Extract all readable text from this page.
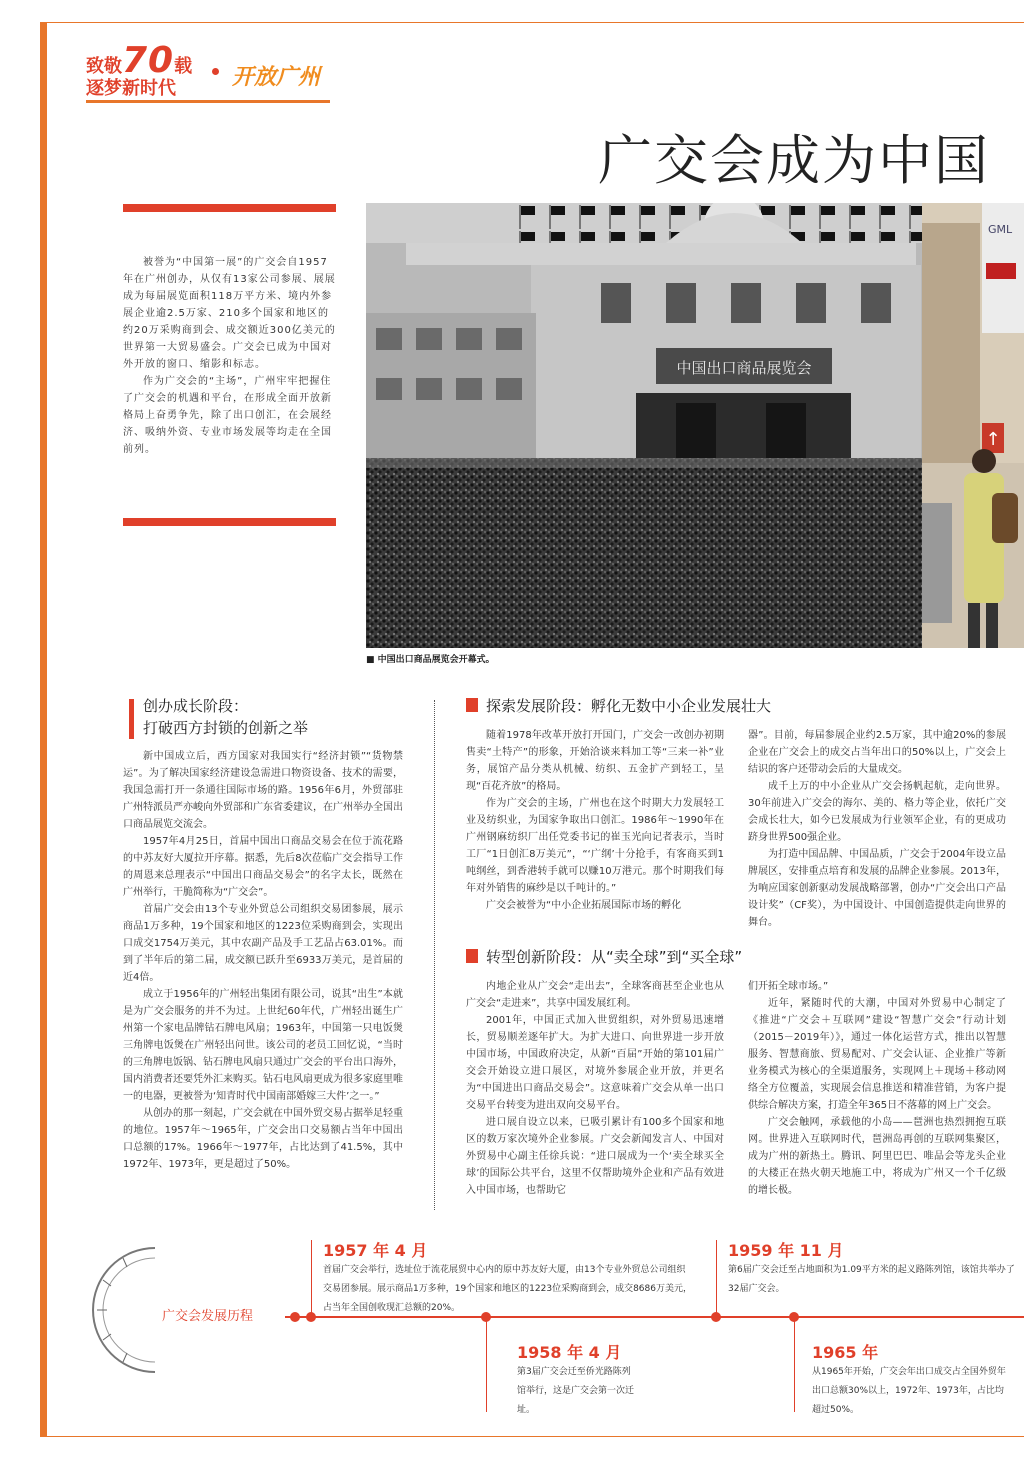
致敬70载
逐梦新时代	开放广州
广交会成为中国

被誉为“中国第一展”的广交会自1957年在广州创办，从仅有13家公司参展、展展成为每届展览面积118万平方米、境内外参展企业逾2.5万家、210多个国家和地区的约20万采购商到会、成交额近300亿美元的世界第一大贸易盛会。广交会已成为中国对外开放的窗口、缩影和标志。

作为广交会的“主场”，广州牢牢把握住了广交会的机遇和平台，在形成全面开放新格局上奋勇争先，除了出口创汇，在会展经济、吸纳外资、专业市场发展等均走在全国前列。

中国出口商品展览会
GML
↑
■ 中国出口商品展览会开幕式。
创办成长阶段：
打破西方封锁的创新之举

新中国成立后，西方国家对我国实行“经济封锁”“货物禁运”。为了解决国家经济建设急需进口物资设备、技术的需要，我国急需打开一条通往国际市场的路。1956年6月，外贸部驻广州特派员严亦峻向外贸部和广东省委建议，在广州举办全国出口商品展览交流会。

1957年4月25日，首届中国出口商品交易会在位于流花路的中苏友好大厦拉开序幕。据悉，先后8次莅临广交会指导工作的周恩来总理表示“中国出口商品交易会”的名字太长，既然在广州举行，干脆简称为“广交会”。

首届广交会由13个专业外贸总公司组织交易团参展，展示商品1万多种，19个国家和地区的1223位采购商到会，实现出口成交1754万美元，其中农副产品及手工艺品占63.01%。而到了半年后的第二届，成交额已跃升至6933万美元，是首届的近4倍。

成立于1956年的广州轻出集团有限公司，说其“出生”本就是为广交会服务的并不为过。上世纪60年代，广州轻出诞生广州第一个家电品牌钻石牌电风扇；1963年，中国第一只电饭煲三角牌电饭煲在广州轻出问世。该公司的老员工回忆说，“当时的三角牌电饭锅、钻石牌电风扇只通过广交会的平台出口海外，国内消费者还要凭外汇来购买。钻石电风扇更成为很多家庭里唯一的电器，更被誉为‘知青时代中国南部婚嫁三大件’之一。”

从创办的那一刻起，广交会就在中国外贸交易占据举足轻重的地位。1957年～1965年，广交会出口交易额占当年中国出口总额的17%。1966年～1977年，占比达到了41.5%，其中1972年、1973年，更是超过了50%。

探索发展阶段：孵化无数中小企业发展壮大

随着1978年改革开放打开国门，广交会一改创办初期售卖“土特产”的形象，开始洽谈来料加工等“三来一补”业务，展馆产品分类从机械、纺织、五金扩产到轻工，呈现“百花齐放”的格局。

作为广交会的主场，广州也在这个时期大力发展轻工业及纺织业，为国家争取出口创汇。1986年～1990年在广州钢麻纺织厂出任党委书记的崔玉光向记者表示，当时工厂“1日创汇8万美元”，“‘广纲’十分抢手，有客商买到1吨纲丝，到香港转手就可以赚10万港元。那个时期我们每年对外销售的麻纱是以千吨计的。”

广交会被誉为“中小企业拓展国际市场的孵化

器”。目前，每届参展企业约2.5万家，其中逾20%的参展企业在广交会上的成交占当年出口的50%以上，广交会上结识的客户还带动会后的大量成交。

成千上万的中小企业从广交会扬帆起航，走向世界。30年前进入广交会的海尔、美的、格力等企业，依托广交会成长壮大，如今已发展成为行业领军企业，有的更成功跻身世界500强企业。

为打造中国品牌、中国品质，广交会于2004年设立品牌展区，安排重点培育和发展的品牌企业参展。2013年，为响应国家创新驱动发展战略部署，创办“广交会出口产品设计奖”（CF奖），为中国设计、中国创造提供走向世界的舞台。

转型创新阶段：从“卖全球”到“买全球”

内地企业从广交会“走出去”，全球客商甚至企业也从广交会“走进来”，共享中国发展红利。

2001年，中国正式加入世贸组织，对外贸易迅速增长，贸易顺差逐年扩大。为扩大进口、向世界进一步开放中国市场，中国政府决定，从新“百届”开始的第101届广交会开始设立进口展区，对境外参展企业开放，并更名为“中国进出口商品交易会”。这意味着广交会从单一出口交易平台转变为进出双向交易平台。

进口展自设立以来，已吸引累计有100多个国家和地区的数万家次境外企业参展。广交会新闻发言人、中国对外贸易中心副主任徐兵说：“进口展成为一个‘卖全球买全球’的国际公共平台，这里不仅帮助境外企业和产品有效进入中国市场，也帮助它

们开拓全球市场。”

近年，紧随时代的大潮，中国对外贸易中心制定了《推进“广交会＋互联网”建设“智慧广交会”行动计划（2015－2019年）》，通过一体化运营方式，推出以智慧服务、智慧商旅、贸易配对、广交会认证、企业推广等新业务模式为核心的全渠道服务，实现网上＋现场＋移动网络全方位覆盖，实现展会信息推送和精准营销，为客户提供综合解决方案，打造全年365日不落幕的网上广交会。

广交会触网，承载他的小岛——琶洲也热烈拥抱互联网。世界进入互联网时代，琶洲岛再创的互联网集聚区，成为广州的新热土。腾讯、阿里巴巴、唯品会等龙头企业的大楼正在热火朝天地施工中，将成为广州又一个千亿级的增长极。

广交会发展历程
1957 年 4 月
首届广交会举行，选址位于流花展贸中心内的原中苏友好大厦，由13个专业外贸总公司组织交易团参展。展示商品1万多种，19个国家和地区的1223位采购商到会，成交8686万美元，占当年全国创收现汇总额的20%。
1958 年 4 月
第3届广交会迁至侨光路陈列馆举行，这是广交会第一次迁址。
1959 年 11 月
第6届广交会迁至占地面积为1.09平方米的起义路陈列馆，该馆共举办了32届广交会。
1965 年
从1965年开始，广交会年出口成交占全国外贸年出口总额30%以上，1972年、1973年，占比均超过50%。
